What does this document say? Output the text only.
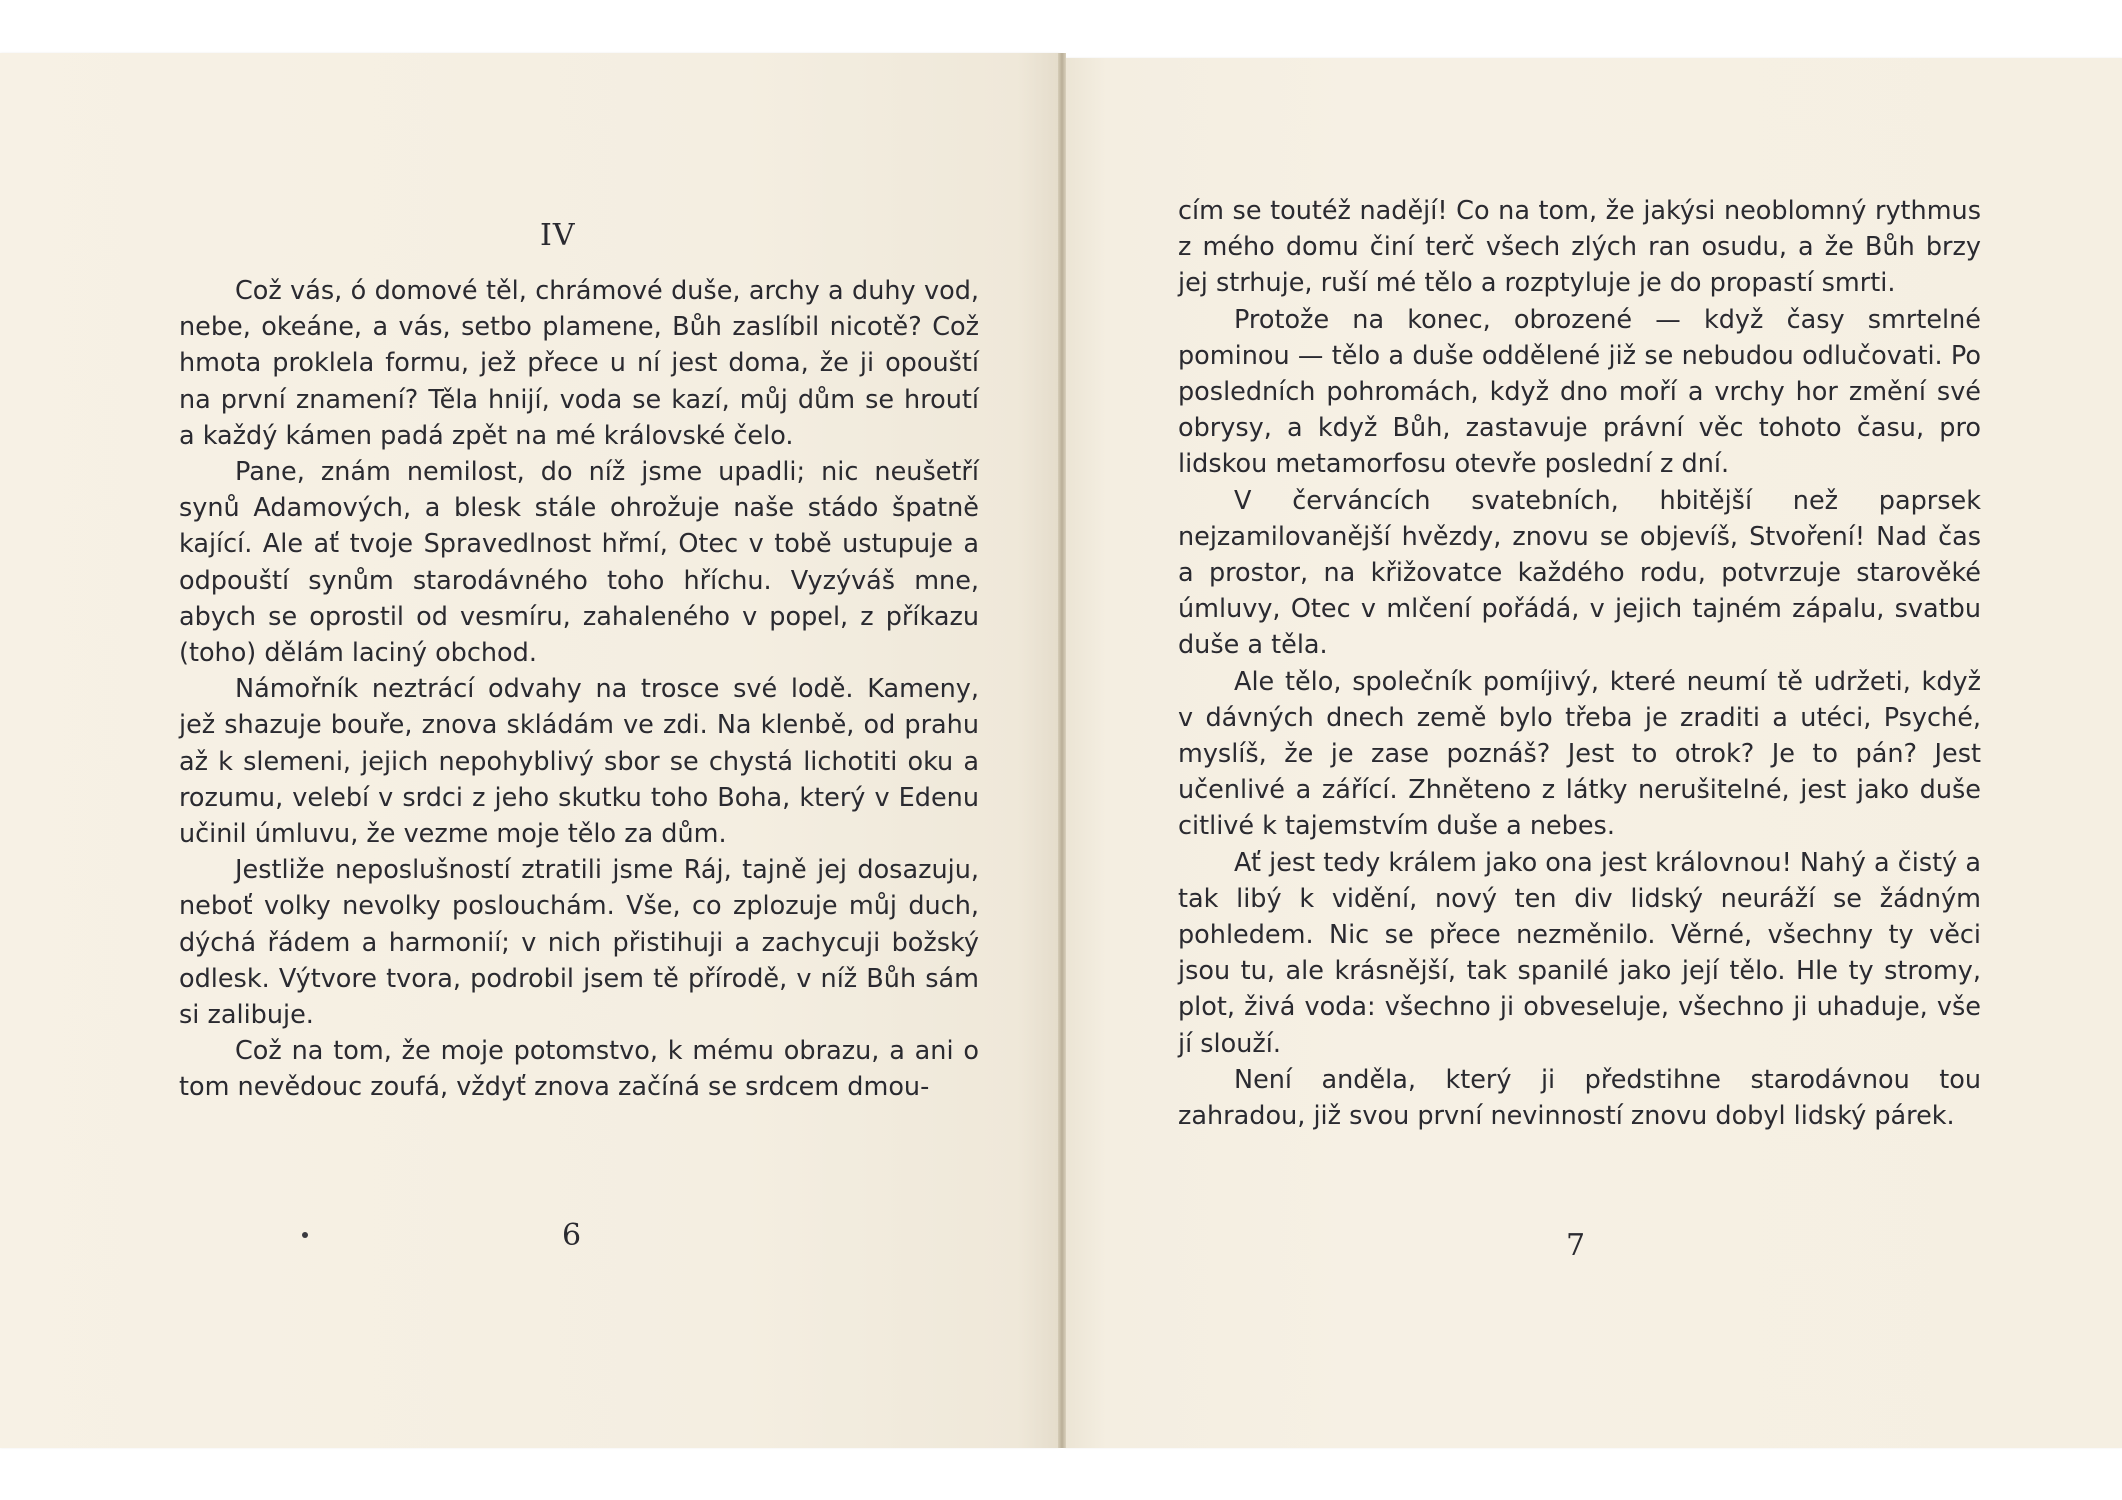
IV

Což vás, ó domové těl, chrámové duše, archy a duhy vod, nebe, okeáne, a vás, setbo plamene, Bůh zaslíbil nicotě? Což hmota proklela formu, jež přece u ní jest doma, že ji opouští na první znamení? Těla hnijí, voda se kazí, můj dům se hroutí a každý kámen padá zpět na mé královské čelo.

Pane, znám nemilost, do níž jsme upadli; nic neušetří synů Adamových, a blesk stále ohrožuje naše stádo špatně kající. Ale ať tvoje Spravedlnost hřmí, Otec v tobě ustupuje a odpouští synům starodávného toho hříchu. Vyzýváš mne, abych se oprostil od vesmíru, zahaleného v popel, z příkazu (toho) dělám laciný obchod.

Námořník neztrácí odvahy na trosce své lodě. Kameny, jež shazuje bouře, znova skládám ve zdi. Na klenbě, od prahu až k slemeni, jejich nepohyblivý sbor se chystá lichotiti oku a rozumu, velebí v srdci z jeho skutku toho Boha, který v Edenu učinil úmluvu, že vezme moje tělo za dům.

Jestliže neposlušností ztratili jsme Ráj, tajně jej dosazuju, neboť volky nevolky poslouchám. Vše, co zplozuje můj duch, dýchá řádem a harmonií; v nich přistihuji a zachycuji božský odlesk. Výtvore tvora, podrobil jsem tě přírodě, v níž Bůh sám si zalibuje.

Což na tom, že moje potomstvo, k mému obrazu, a ani o tom nevědouc zoufá, vždyť znova začíná se srdcem dmou-

6

cím se toutéž nadějí! Co na tom, že jakýsi neoblomný rythmus z mého domu činí terč všech zlých ran osudu, a že Bůh brzy jej strhuje, ruší mé tělo a rozptyluje je do propastí smrti.

Protože na konec, obrozené — když časy smrtelné pominou — tělo a duše oddělené již se nebudou odlučovati. Po posledních pohromách, když dno moří a vrchy hor změní své obrysy, a když Bůh, zastavuje právní věc tohoto času, pro lidskou metamorfosu otevře poslední z dní.

V červáncích svatebních, hbitější než paprsek nejzamilovanější hvězdy, znovu se objevíš, Stvoření! Nad čas a prostor, na křižovatce každého rodu, potvrzuje starověké úmluvy, Otec v mlčení pořádá, v jejich tajném zápalu, svatbu duše a těla.

Ale tělo, společník pomíjivý, které neumí tě udržeti, když v dávných dnech země bylo třeba je zraditi a utéci, Psyché, myslíš, že je zase poznáš? Jest to otrok? Je to pán? Jest učenlivé a zářící. Zhněteno z látky nerušitelné, jest jako duše citlivé k tajemstvím duše a nebes.

Ať jest tedy králem jako ona jest královnou! Nahý a čistý a tak libý k vidění, nový ten div lidský neuráží se žádným pohledem. Nic se přece nezměnilo. Věrné, všechny ty věci jsou tu, ale krásnější, tak spanilé jako její tělo. Hle ty stromy, plot, živá voda: všechno ji obveseluje, všechno ji uhaduje, vše jí slouží.

Není anděla, který ji předstihne starodávnou tou zahradou, již svou první nevinností znovu dobyl lidský párek.

7
